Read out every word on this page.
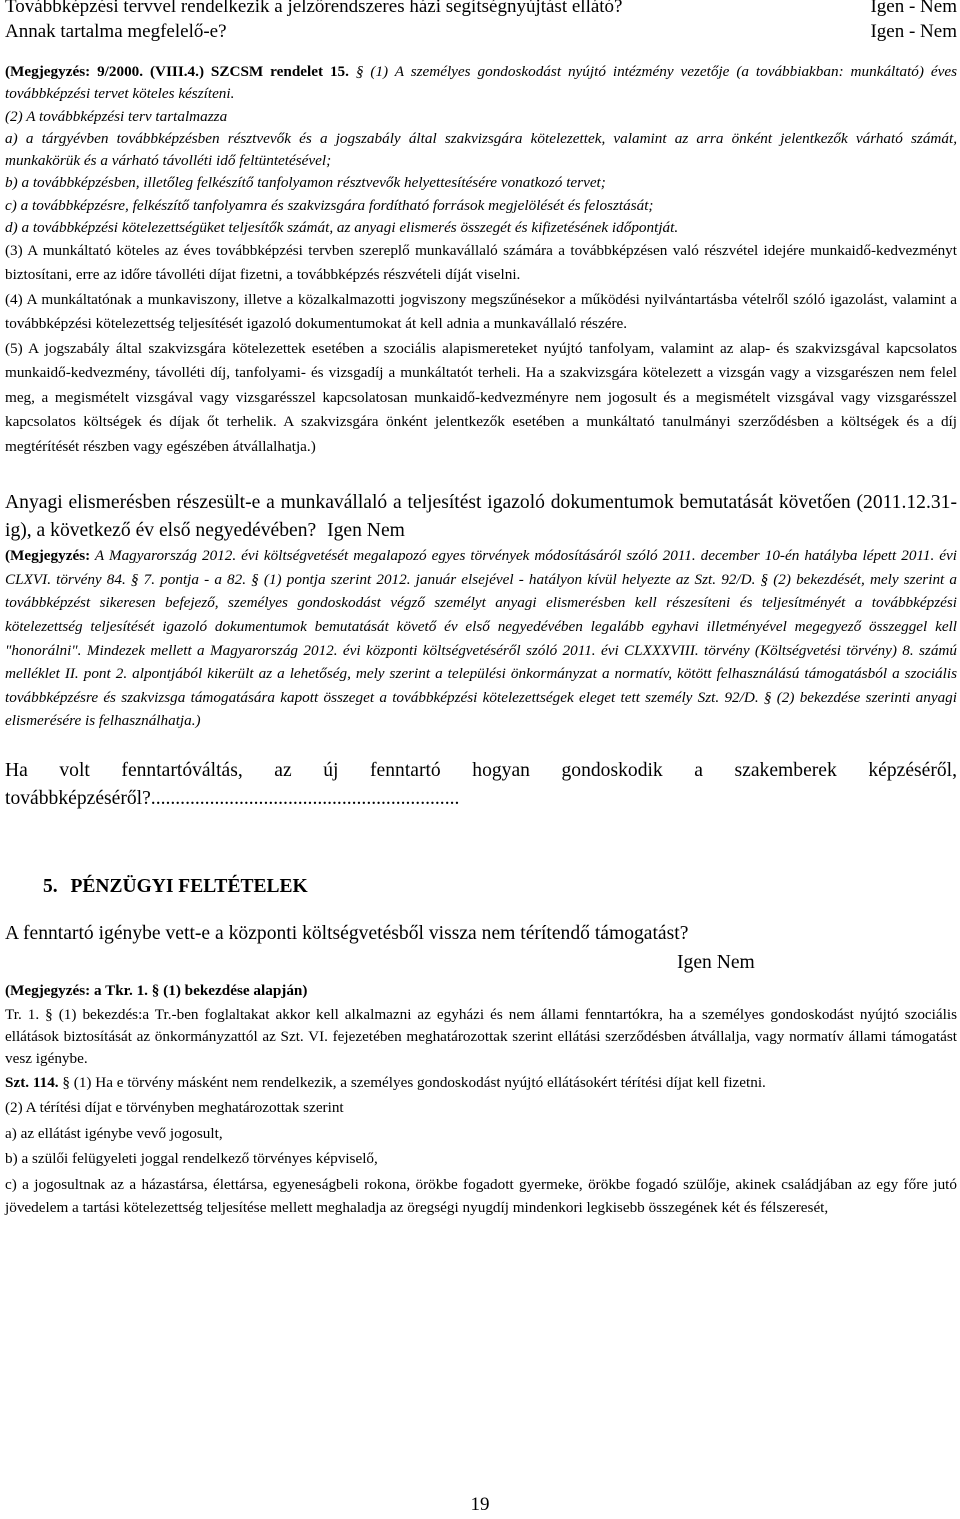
Továbbképzési tervvel rendelkezik a jelzőrendszeres házi segítségnyújtást ellátó?	Igen - Nem
Annak tartalma megfelelő-e?	Igen - Nem

(Megjegyzés: 9/2000. (VIII.4.) SZCSM rendelet 15. § (1) A személyes gondoskodást nyújtó intézmény vezetője (a továbbiakban: munkáltató) éves továbbképzési tervet köteles készíteni.

(2) A továbbképzési terv tartalmazza

a) a tárgyévben továbbképzésben résztvevők és a jogszabály által szakvizsgára kötelezettek, valamint az arra önként jelentkezők várható számát, munkakörük és a várható távolléti idő feltüntetésével;

b) a továbbképzésben, illetőleg felkészítő tanfolyamon résztvevők helyettesítésére vonatkozó tervet;

c) a továbbképzésre, felkészítő tanfolyamra és szakvizsgára fordítható források megjelölését és felosztását;

d) a továbbképzési kötelezettségüket teljesítők számát, az anyagi elismerés összegét és kifizetésének időpontját.

(3) A munkáltató köteles az éves továbbképzési tervben szereplő munkavállaló számára a továbbképzésen való részvétel idejére munkaidő-kedvezményt biztosítani, erre az időre távolléti díjat fizetni, a továbbképzés részvételi díját viselni.

(4) A munkáltatónak a munkaviszony, illetve a közalkalmazotti jogviszony megszűnésekor a működési nyilvántartásba vételről szóló igazolást, valamint a továbbképzési kötelezettség teljesítését igazoló dokumentumokat át kell adnia a munkavállaló részére.

(5) A jogszabály által szakvizsgára kötelezettek esetében a szociális alapismereteket nyújtó tanfolyam, valamint az alap- és szakvizsgával kapcsolatos munkaidő-kedvezmény, távolléti díj, tanfolyami- és vizsgadíj a munkáltatót terheli. Ha a szakvizsgára kötelezett a vizsgán vagy a vizsgarészen nem felel meg, a megismételt vizsgával vagy vizsgarésszel kapcsolatosan munkaidő-kedvezményre nem jogosult és a megismételt vizsgával vagy vizsgarésszel kapcsolatos költségek és díjak őt terhelik. A szakvizsgára önként jelentkezők esetében a munkáltató tanulmányi szerződésben a költségek és a díj megtérítését részben vagy egészében átvállalhatja.)

Anyagi elismerésben részesült-e a munkavállaló a teljesítést igazoló dokumentumok bemutatását követően (2011.12.31-ig), a következő év első negyedévében? Igen Nem

(Megjegyzés: A Magyarország 2012. évi költségvetését megalapozó egyes törvények módosításáról szóló 2011. december 10-én hatályba lépett 2011. évi CLXVI. törvény 84. § 7. pontja - a 82. § (1) pontja szerint 2012. január elsejével - hatályon kívül helyezte az Szt. 92/D. § (2) bekezdését, mely szerint a továbbképzést sikeresen befejező, személyes gondoskodást végző személyt anyagi elismerésben kell részesíteni és teljesítményét a továbbképzési kötelezettség teljesítését igazoló dokumentumok bemutatását követő év első negyedévében legalább egyhavi illetményével megegyező összeggel kell "honorálni". Mindezek mellett a Magyarország 2012. évi központi költségvetéséről szóló 2011. évi CLXXXVIII. törvény (Költségvetési törvény) 8. számú melléklet II. pont 2. alpontjából kikerült az a lehetőség, mely szerint a települési önkormányzat a normatív, kötött felhasználású támogatásból a szociális továbbképzésre és szakvizsga támogatására kapott összeget a továbbképzési kötelezettségek eleget tett személy Szt. 92/D. § (2) bekezdése szerinti anyagi elismerésére is felhasználhatja.)

Ha volt fenntartóváltás, az új fenntartó hogyan gondoskodik a szakemberek képzéséről, továbbképzéséről?...............................................................

5. PÉNZÜGYI FELTÉTELEK

A fenntartó igénybe vett-e a központi költségvetésből vissza nem térítendő támogatást?

Igen Nem

(Megjegyzés: a Tkr. 1. § (1) bekezdése alapján)

Tr. 1. § (1) bekezdés:a Tr.-ben foglaltakat akkor kell alkalmazni az egyházi és nem állami fenntartókra, ha a személyes gondoskodást nyújtó szociális ellátások biztosítását az önkormányzattól az Szt. VI. fejezetében meghatározottak szerint ellátási szerződésben átvállalja, vagy normatív állami támogatást vesz igénybe.

Szt. 114. § (1) Ha e törvény másként nem rendelkezik, a személyes gondoskodást nyújtó ellátásokért térítési díjat kell fizetni.

(2) A térítési díjat e törvényben meghatározottak szerint

a) az ellátást igénybe vevő jogosult,

b) a szülői felügyeleti joggal rendelkező törvényes képviselő,

c) a jogosultnak az a házastársa, élettársa, egyeneságbeli rokona, örökbe fogadott gyermeke, örökbe fogadó szülője, akinek családjában az egy főre jutó jövedelem a tartási kötelezettség teljesítése mellett meghaladja az öregségi nyugdíj mindenkori legkisebb összegének két és félszeresét,

19
